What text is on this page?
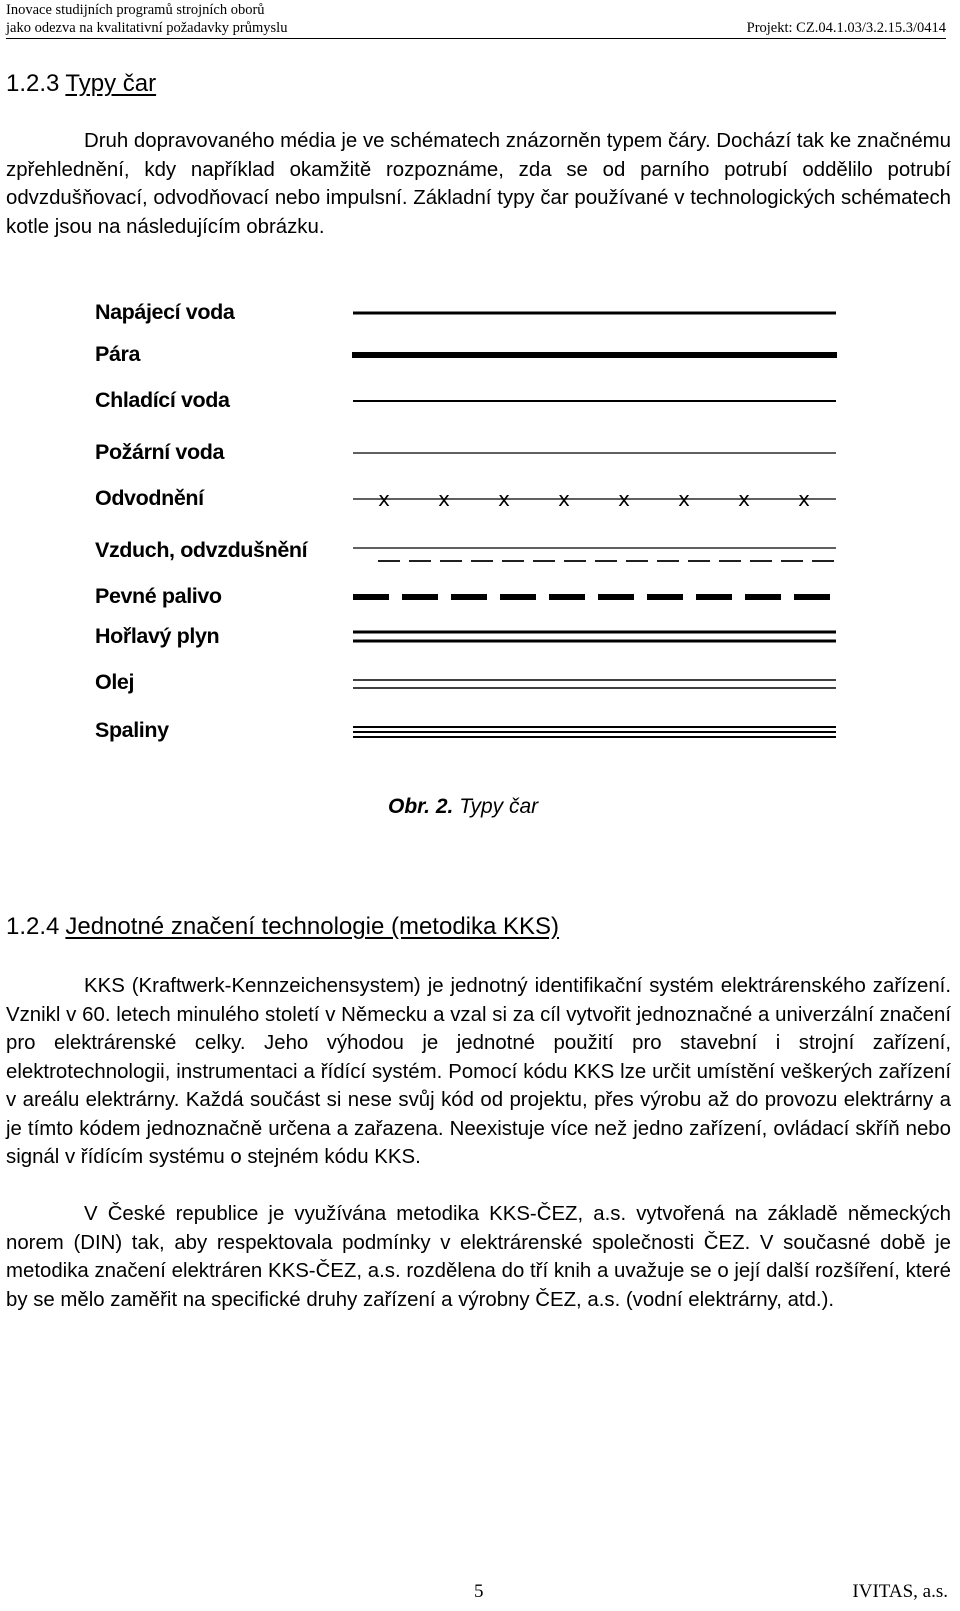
Inovace studijních programů strojních oborů
jako odezva na kvalitativní požadavky průmyslu	Projekt: CZ.04.1.03/3.2.15.3/0414
1.2.3 Typy čar

Druh dopravovaného média je ve schématech znázorněn typem čáry. Dochází tak ke značnému zpřehlednění, kdy například okamžitě rozpoznáme, zda se od parního potrubí oddělilo potrubí odvzdušňovací, odvodňovací nebo impulsní. Základní typy čar používané v technologických schématech kotle jsou na následujícím obrázku.

Napájecí voda
Pára
Chladící voda
Požární voda
Odvodnění
Vzduch, odvzdušnění
Pevné palivo
Hořlavý plyn
Olej
Spaliny
x x x x x x x x
Obr. 2. Typy čar
1.2.4 Jednotné značení technologie (metodika KKS)

KKS (Kraftwerk-Kennzeichensystem) je jednotný identifikační systém elektrárenského zařízení. Vznikl v 60. letech minulého století v Německu a vzal si za cíl vytvořit jednoznačné a univerzální značení pro elektrárenské celky. Jeho výhodou je jednotné použití pro stavební i strojní zařízení, elektrotechnologii, instrumentaci a řídící systém. Pomocí kódu KKS lze určit umístění veškerých zařízení v areálu elektrárny. Každá součást si nese svůj kód od projektu, přes výrobu až do provozu elektrárny a je tímto kódem jednoznačně určena a zařazena. Neexistuje více než jedno zařízení, ovládací skříň nebo signál v řídícím systému o stejném kódu KKS.

V České republice je využívána metodika KKS-ČEZ, a.s. vytvořená na základě německých norem (DIN) tak, aby respektovala podmínky v elektrárenské společnosti ČEZ. V současné době je metodika značení elektráren KKS-ČEZ, a.s. rozdělena do tří knih a uvažuje se o její další rozšíření, které by se mělo zaměřit na specifické druhy zařízení a výrobny ČEZ, a.s. (vodní elektrárny, atd.).

5	IVITAS, a.s.
